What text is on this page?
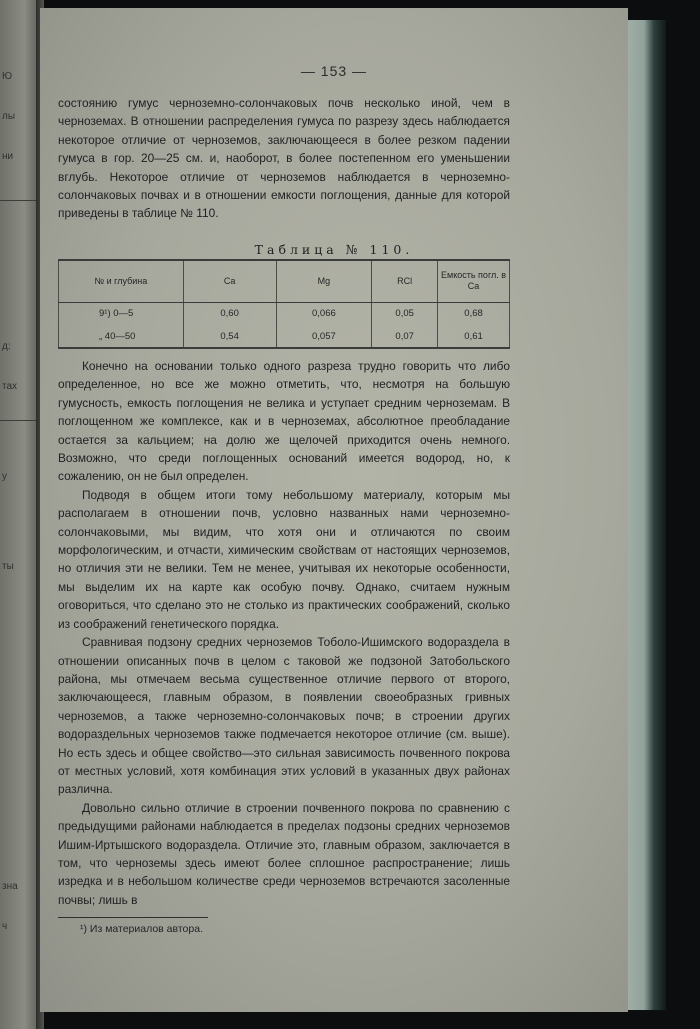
Ю
лы
ни
д:
тах
у
ты
зна
ч
— 153 —

состоянию гумус черноземно-солончаковых почв несколько иной, чем в черноземах. В отношении распределения гумуса по разрезу здесь наблюдается некоторое отличие от черноземов, заключающееся в более резком падении гумуса в гор. 20—25 см. и, наоборот, в более постепенном его уменьшении вглубь. Некоторое отличие от черноземов наблюдается в черноземно-солончаковых почвах и в отношении емкости поглощения, данные для которой приведены в таблице № 110.

Таблица № 110.
№ и глубина	Ca	Mg	RCl	Емкость погл. в Ca
9¹) 0—5	0,60	0,066	0,05	0,68
„ 40—50	0,54	0,057	0,07	0,61

Конечно на основании только одного разреза трудно говорить что либо определенное, но все же можно отметить, что, несмотря на большую гумусность, емкость поглощения не велика и уступает средним черноземам. В поглощенном же комплексе, как и в черноземах, абсолютное преобладание остается за кальцием; на долю же щелочей приходится очень немного. Возможно, что среди поглощенных оснований имеется водород, но, к сожалению, он не был определен.

Подводя в общем итоги тому небольшому материалу, которым мы располагаем в отношении почв, условно названных нами черноземно-солончаковыми, мы видим, что хотя они и отличаются по своим морфологическим, и отчасти, химическим свойствам от настоящих черноземов, но отличия эти не велики. Тем не менее, учитывая их некоторые особенности, мы выделим их на карте как особую почву. Однако, считаем нужным оговориться, что сделано это не столько из практических соображений, сколько из соображений генетического порядка.

Сравнивая подзону средних черноземов Тоболо-Ишимского водораздела в отношении описанных почв в целом с таковой же подзоной Затобольского района, мы отмечаем весьма существенное отличие первого от второго, заключающееся, главным образом, в появлении своеобразных гривных черноземов, а также черноземно-солончаковых почв; в строении других водораздельных черноземов также подмечается некоторое отличие (см. выше). Но есть здесь и общее свойство—это сильная зависимость почвенного покрова от местных условий, хотя комбинация этих условий в указанных двух районах различна.

Довольно сильно отличие в строении почвенного покрова по сравнению с предыдущими районами наблюдается в пределах подзоны средних черноземов Ишим-Иртышского водораздела. Отличие это, главным образом, заключается в том, что черноземы здесь имеют более сплошное распространение; лишь изредка и в небольшом количестве среди черноземов встречаются засоленные почвы; лишь в

¹) Из материалов автора.
